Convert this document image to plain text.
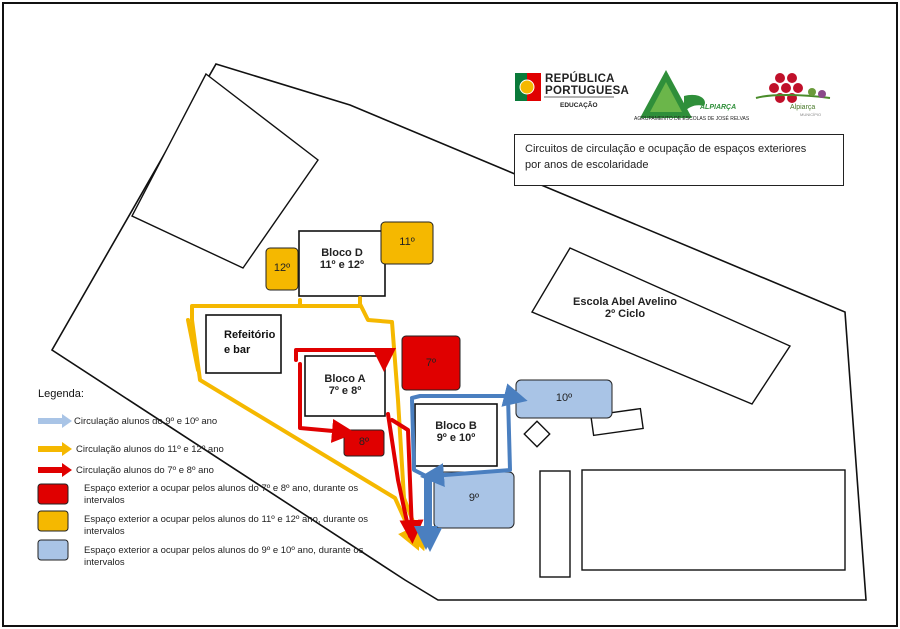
REPÚBLICA
PORTUGUESA
EDUCAÇÃO	ALPIARÇA
AGRUPAMENTO DE ESCOLAS DE JOSÉ RELVAS
Alpiarça
MUNICÍPIO
Circuitos de circulação e ocupação de espaços exteriores
por anos de escolaridade
Bloco D
11º e 12º
Refeitório
e bar
Bloco A
7º e 8º
Bloco B
9º e 10º
Escola Abel Avelino
2º Ciclo
12º
11º
7º
8º
10º
9º
Legenda:
Circulação alunos do 9º e 10º ano
Circulação alunos do 11º e 12º ano
Circulação alunos do 7º e 8º ano
Espaço exterior a ocupar pelos alunos do 7º e 8º ano, durante os intervalos
Espaço exterior a ocupar pelos alunos do 11º e 12º ano, durante os intervalos
Espaço exterior a ocupar pelos alunos do 9º e 10º ano, durante os intervalos
